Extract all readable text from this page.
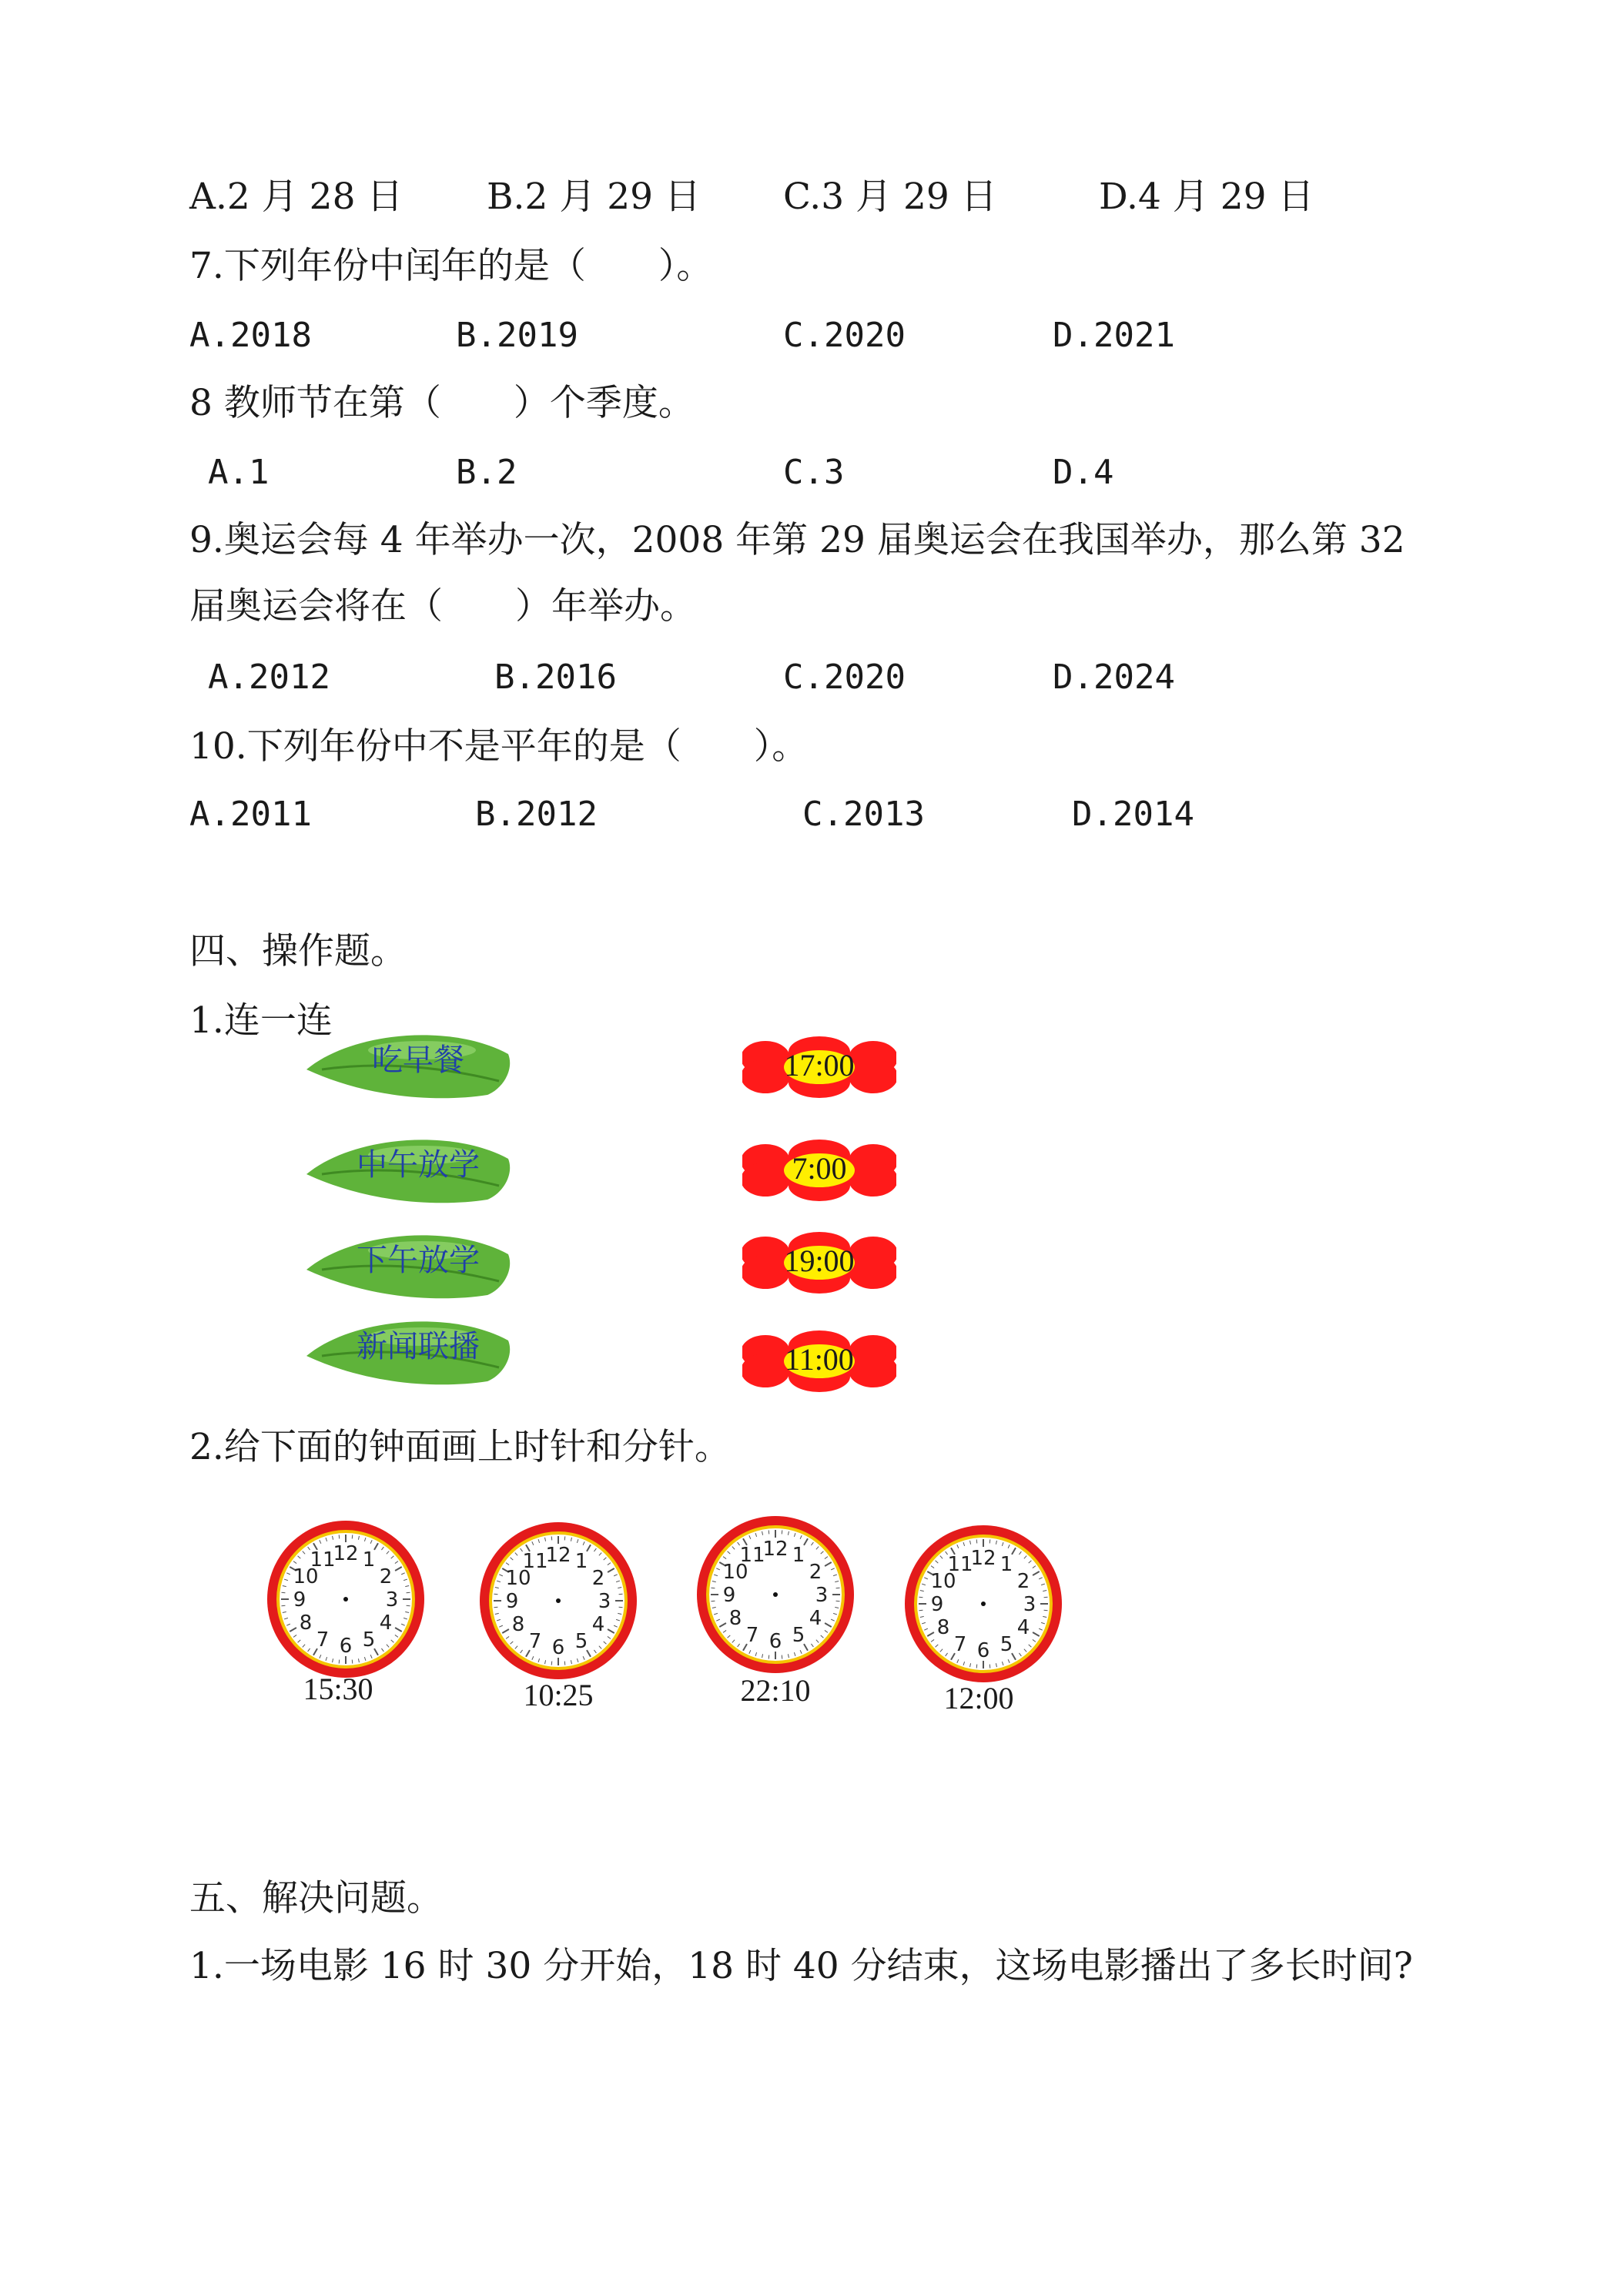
A.2 月 28 日 B.2 月 29 日 C.3 月 29 日	D.4 月 29 日
7.下列年份中闰年的是（　　）。
A.2018	B.2019	C.2020	D.2021
8 教师节在第（　　）个季度。
A.1	B.2	C.3	D.4
9.奥运会每 4 年举办一次，2008 年第 29 届奥运会在我国举办，那么第 32
届奥运会将在（　　）年举办。
A.2012	B.2016	C.2020	D.2024
10.下列年份中不是平年的是（　　）。
A.2011	B.2012	C.2013	D.2014
四、操作题。
1.连一连
吃早餐
中午放学
下午放学
新闻联播
17:00
7:00
19:00
11:00
2.给下面的钟面画上时针和分针。
1
2
3
4
5
6
7
8
9
10
11
12	1
2
3
4
5
6
7
8
9
10
11
12	1
2
3
4
5
6
7
8
9
10
11
12
1
2
3
4
5
6
7
8
9
10
11
12
15:30	10:25	22:10	12:00
五、解决问题。
1.一场电影 16 时 30 分开始，18 时 40 分结束，这场电影播出了多长时间?
